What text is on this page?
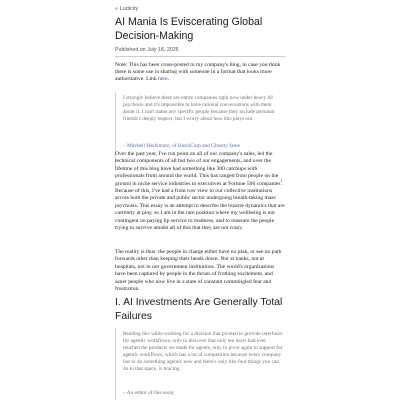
« Ludicity
AI Mania Is Eviscerating Global Decision-Making
Published on July 18, 2026

Note: This has been cross-posted to my company's blog, in case you think there is some use in sharing with someone in a format that looks more authoritative. Link here.

I strongly believe there are entire companies right now under heavy AI psychosis and it's impossible to have rational conversations with them about it. I can't name any specific people because they include personal friends I deeply respect, but I worry about how this plays out.

– Mitchell Hashimoto, of HashiCorp and Ghostty fame

Over the past year, I've run point on all of our company's sales, led the technical components of all but two of our engagements, and over the lifetime of this blog have had something like 300 catchups with professionals from around the world. This has ranged from people on the ground in niche service industries to executives at Fortune 500 companies$^1$. Because of this, I've had a front row view to our collective institutions across both the private and public sector undergoing breath-taking mass psychosis. This essay is an attempt to describe the bizarre dynamics that are currently at play, so I am in the rare position where my wellbeing is not contingent on paying lip service to madness, and to reassure the people trying to survive amidst all of this that they are not crazy.

The reality is thus: the people in charge either have no plan, or see no path forwards other than keeping their heads down. Not at banks, not at hospitals, not in our government institutions. The world's organizations have been captured by people in the throes of frothing excitement, and saner people who now live in a state of constant commingled fear and frustration.

I. AI Investments Are Generally Total Failures

Reading this while working for a division that pivoted to provide interfaces for agentic workflows, only to discover that only ten users had ever touched the products we made for agents, only to pivot again to support for agentic workflows, which has a lot of competition because every company has to do something agentic now and there's only like four things you can do in that space, is bracing.

– An editor of this essay
